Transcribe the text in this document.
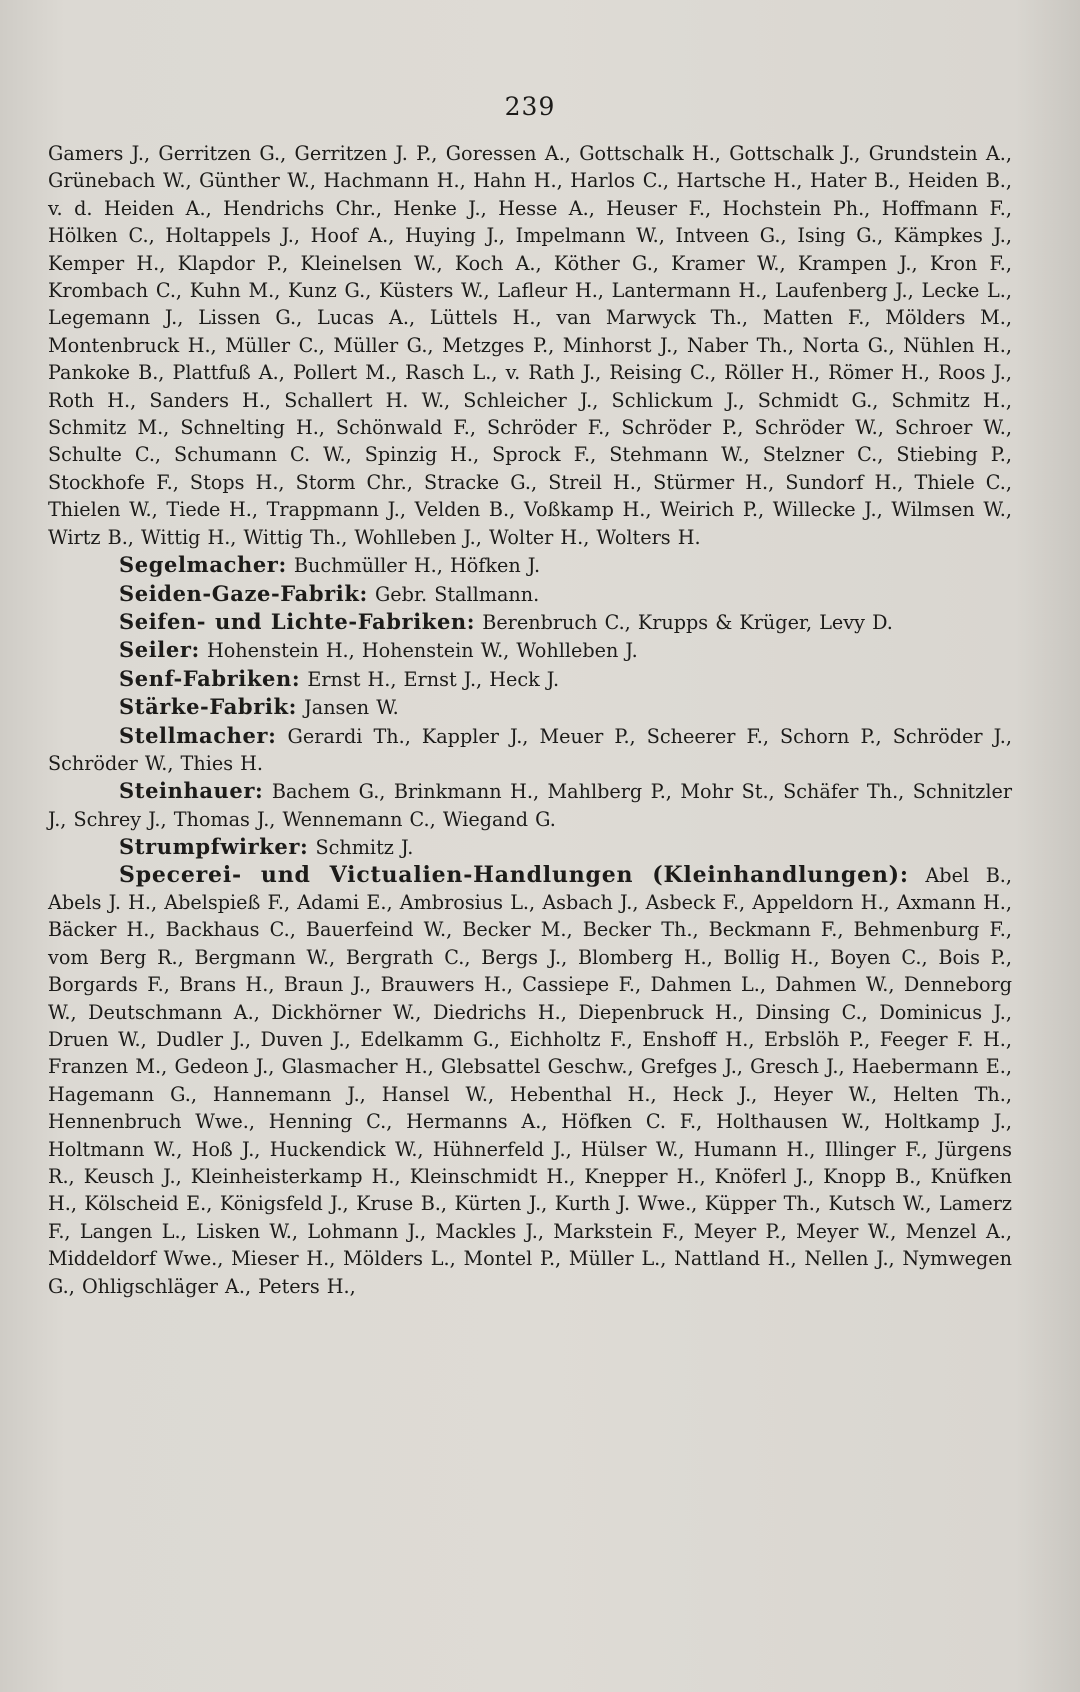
239

Gamers J., Gerritzen G., Gerritzen J. P., Goressen A., Gottschalk H., Gottschalk J., Grundstein A., Grünebach W., Günther W., Hachmann H., Hahn H., Harlos C., Hartsche H., Hater B., Heiden B., v. d. Heiden A., Hendrichs Chr., Henke J., Hesse A., Heuser F., Hochstein Ph., Hoffmann F., Hölken C., Holtappels J., Hoof A., Huying J., Impelmann W., Intveen G., Ising G., Kämpkes J., Kemper H., Klapdor P., Kleinelsen W., Koch A., Köther G., Kramer W., Krampen J., Kron F., Krombach C., Kuhn M., Kunz G., Küsters W., Lafleur H., Lantermann H., Laufenberg J., Lecke L., Legemann J., Lissen G., Lucas A., Lüttels H., van Marwyck Th., Matten F., Mölders M., Montenbruck H., Müller C., Müller G., Metzges P., Minhorst J., Naber Th., Norta G., Nühlen H., Pankoke B., Plattfuß A., Pollert M., Rasch L., v. Rath J., Reising C., Röller H., Römer H., Roos J., Roth H., Sanders H., Schallert H. W., Schleicher J., Schlickum J., Schmidt G., Schmitz H., Schmitz M., Schnelting H., Schönwald F., Schröder F., Schröder P., Schröder W., Schroer W., Schulte C., Schumann C. W., Spinzig H., Sprock F., Stehmann W., Stelzner C., Stiebing P., Stockhofe F., Stops H., Storm Chr., Stracke G., Streil H., Stürmer H., Sundorf H., Thiele C., Thielen W., Tiede H., Trappmann J., Velden B., Voßkamp H., Weirich P., Willecke J., Wilmsen W., Wirtz B., Wittig H., Wittig Th., Wohlleben J., Wolter H., Wolters H.

Segelmacher: Buchmüller H., Höfken J.

Seiden-Gaze-Fabrik: Gebr. Stallmann.

Seifen- und Lichte-Fabriken: Berenbruch C., Krupps & Krüger, Levy D.

Seiler: Hohenstein H., Hohenstein W., Wohlleben J.

Senf-Fabriken: Ernst H., Ernst J., Heck J.

Stärke-Fabrik: Jansen W.

Stellmacher: Gerardi Th., Kappler J., Meuer P., Scheerer F., Schorn P., Schröder J., Schröder W., Thies H.

Steinhauer: Bachem G., Brinkmann H., Mahlberg P., Mohr St., Schäfer Th., Schnitzler J., Schrey J., Thomas J., Wennemann C., Wiegand G.

Strumpfwirker: Schmitz J.

Specerei- und Victualien-Handlungen (Kleinhandlungen): Abel B., Abels J. H., Abelspieß F., Adami E., Ambrosius L., Asbach J., Asbeck F., Appeldorn H., Axmann H., Bäcker H., Backhaus C., Bauerfeind W., Becker M., Becker Th., Beckmann F., Behmenburg F., vom Berg R., Bergmann W., Bergrath C., Bergs J., Blomberg H., Bollig H., Boyen C., Bois P., Borgards F., Brans H., Braun J., Brauwers H., Cassiepe F., Dahmen L., Dahmen W., Denneborg W., Deutschmann A., Dickhörner W., Diedrichs H., Diepenbruck H., Dinsing C., Dominicus J., Druen W., Dudler J., Duven J., Edelkamm G., Eichholtz F., Enshoff H., Erbslöh P., Feeger F. H., Franzen M., Gedeon J., Glasmacher H., Glebsattel Geschw., Grefges J., Gresch J., Haebermann E., Hagemann G., Hannemann J., Hansel W., Hebenthal H., Heck J., Heyer W., Helten Th., Hennenbruch Wwe., Henning C., Hermanns A., Höfken C. F., Holthausen W., Holtkamp J., Holtmann W., Hoß J., Huckendick W., Hühnerfeld J., Hülser W., Humann H., Illinger F., Jürgens R., Keusch J., Kleinheisterkamp H., Kleinschmidt H., Knepper H., Knöferl J., Knopp B., Knüfken H., Kölscheid E., Königsfeld J., Kruse B., Kürten J., Kurth J. Wwe., Küpper Th., Kutsch W., Lamerz F., Langen L., Lisken W., Lohmann J., Mackles J., Markstein F., Meyer P., Meyer W., Menzel A., Middeldorf Wwe., Mieser H., Mölders L., Montel P., Müller L., Nattland H., Nellen J., Nymwegen G., Ohligschläger A., Peters H.,
